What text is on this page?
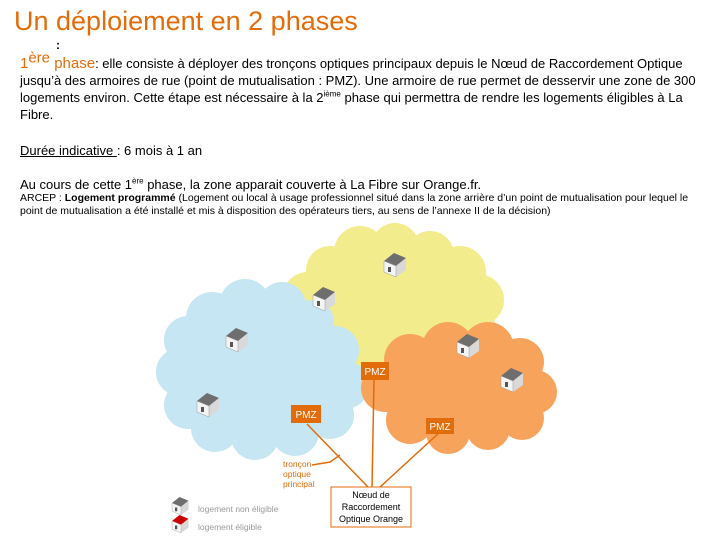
Un déploiement en 2 phases
:
1ère phase: elle consiste à déployer des tronçons optiques principaux depuis le Nœud de Raccordement Optique jusqu’à des armoires de rue (point de mutualisation : PMZ). Une armoire de rue permet de desservir une zone de 300 logements environ. Cette étape est nécessaire à la 2ième phase qui permettra de rendre les logements éligibles à La Fibre.
Durée indicative : 6 mois à 1 an
Au cours de cette 1ère phase, la zone apparait couverte à La Fibre sur Orange.fr.
ARCEP : Logement programmé (Logement ou local à usage professionnel situé dans la zone arrière d’un point de mutualisation pour lequel le point de mutualisation a été installé et mis à disposition des opérateurs tiers, au sens de l’annexe II de la décision)
PMZ
PMZ
PMZ
tronçon
optique
principal
Nœud de
Raccordement
Optique Orange
logement non éligible
logement éligible
